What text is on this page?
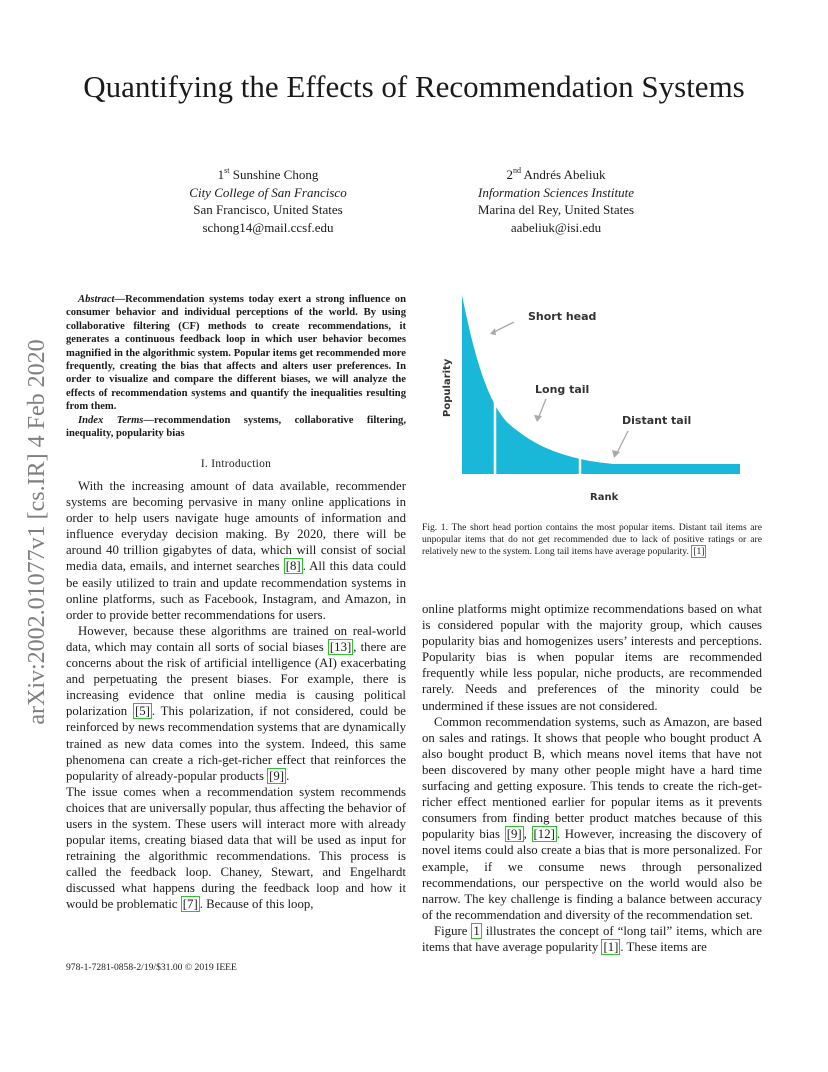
Quantifying the Effects of Recommendation Systems
1st Sunshine Chong
City College of San Francisco
San Francisco, United States
schong14@mail.ccsf.edu
2nd Andrés Abeliuk
Information Sciences Institute
Marina del Rey, United States
aabeliuk@isi.edu
arXiv:2002.01077v1 [cs.IR] 4 Feb 2020

Abstract—Recommendation systems today exert a strong influence on consumer behavior and individual perceptions of the world. By using collaborative filtering (CF) methods to create recommendations, it generates a continuous feedback loop in which user behavior becomes magnified in the algorithmic system. Popular items get recommended more frequently, creating the bias that affects and alters user preferences. In order to visualize and compare the different biases, we will analyze the effects of recommendation systems and quantify the inequalities resulting from them.

Index Terms—recommendation systems, collaborative filtering, inequality, popularity bias

I. Introduction

With the increasing amount of data available, recommender systems are becoming pervasive in many online applications in order to help users navigate huge amounts of information and influence everyday decision making. By 2020, there will be around 40 trillion gigabytes of data, which will consist of social media data, emails, and internet searches [8] . All this data could be easily utilized to train and update recommendation systems in online platforms, such as Facebook, Instagram, and Amazon, in order to provide better recommendations for users.

However, because these algorithms are trained on real-world data, which may contain all sorts of social biases [13] , there are concerns about the risk of artificial intelligence (AI) exacerbating and perpetuating the present biases. For example, there is increasing evidence that online media is causing political polarization [5] . This polarization, if not considered, could be reinforced by news recommendation systems that are dynamically trained as new data comes into the system. Indeed, this same phenomena can create a rich-get-richer effect that reinforces the popularity of already-popular products [9] .

The issue comes when a recommendation system recommends choices that are universally popular, thus affecting the behavior of users in the system. These users will interact more with already popular items, creating biased data that will be used as input for retraining the algorithmic recommendations. This process is called the feedback loop. Chaney, Stewart, and Engelhardt discussed what happens during the feedback loop and how it would be problematic [7] . Because of this loop,

978-1-7281-0858-2/19/$31.00 © 2019 IEEE
Short head
Long tail
Distant tail
Popularity
Rank
Fig. 1. The short head portion contains the most popular items. Distant tail items are unpopular items that do not get recommended due to lack of positive ratings or are relatively new to the system. Long tail items have average popularity. [1]

online platforms might optimize recommendations based on what is considered popular with the majority group, which causes popularity bias and homogenizes users’ interests and perceptions. Popularity bias is when popular items are recommended frequently while less popular, niche products, are recommended rarely. Needs and preferences of the minority could be undermined if these issues are not considered.

Common recommendation systems, such as Amazon, are based on sales and ratings. It shows that people who bought product A also bought product B, which means novel items that have not been discovered by many other people might have a hard time surfacing and getting exposure. This tends to create the rich-get-richer effect mentioned earlier for popular items as it prevents consumers from finding better product matches because of this popularity bias [9] , [12] . However, increasing the discovery of novel items could also create a bias that is more personalized. For example, if we consume news through personalized recommendations, our perspective on the world would also be narrow. The key challenge is finding a balance between accuracy of the recommendation and diversity of the recommendation set.

Figure 1 illustrates the concept of “long tail” items, which are items that have average popularity [1] . These items are
